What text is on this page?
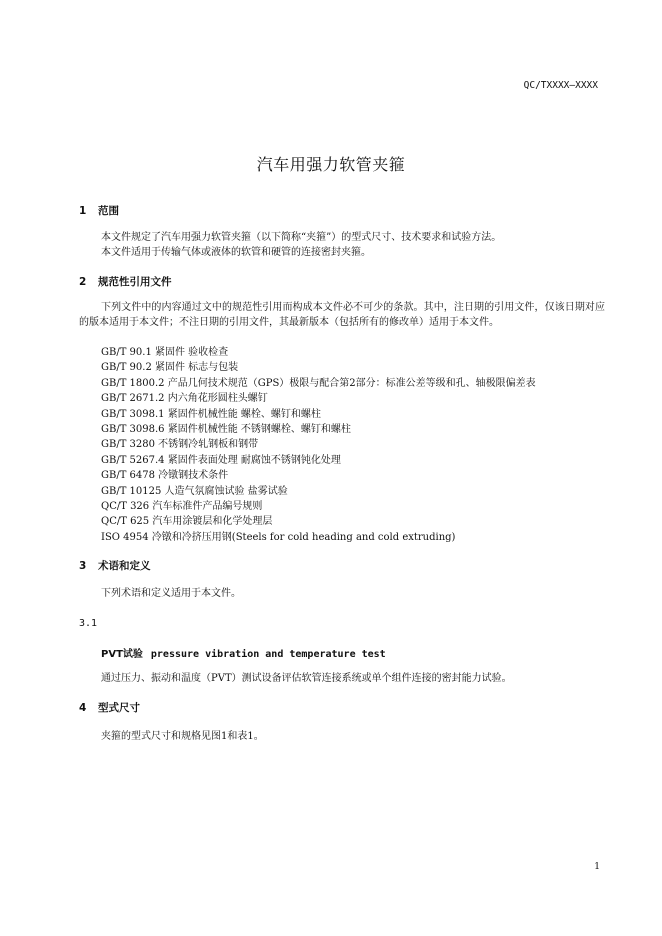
QC/TXXXX—XXXX
汽车用强力软管夹箍
1 范围
本文件规定了汽车用强力软管夹箍（以下简称“夹箍”）的型式尺寸、技术要求和试验方法。
本文件适用于传输气体或液体的软管和硬管的连接密封夹箍。
2 规范性引用文件
下列文件中的内容通过文中的规范性引用而构成本文件必不可少的条款。其中，注日期的引用文件，仅该日期对应的版本适用于本文件；不注日期的引用文件，其最新版本（包括所有的修改单）适用于本文件。
GB/T 90.1 紧固件 验收检查
GB/T 90.2 紧固件 标志与包装
GB/T 1800.2 产品几何技术规范（GPS）极限与配合第2部分：标准公差等级和孔、轴极限偏差表
GB/T 2671.2 内六角花形圆柱头螺钉
GB/T 3098.1 紧固件机械性能 螺栓、螺钉和螺柱
GB/T 3098.6 紧固件机械性能 不锈钢螺栓、螺钉和螺柱
GB/T 3280 不锈钢冷轧钢板和钢带
GB/T 5267.4 紧固件表面处理 耐腐蚀不锈钢钝化处理
GB/T 6478 冷镦钢技术条件
GB/T 10125 人造气氛腐蚀试验 盐雾试验
QC/T 326 汽车标准件产品编号规则
QC/T 625 汽车用涂镀层和化学处理层
ISO 4954 冷镦和冷挤压用钢(Steels for cold heading and cold extruding)
3 术语和定义
下列术语和定义适用于本文件。
3.1
PVT试验 pressure vibration and temperature test
通过压力、振动和温度（PVT）测试设备评估软管连接系统或单个组件连接的密封能力试验。
4 型式尺寸
夹箍的型式尺寸和规格见图1和表1。
1
